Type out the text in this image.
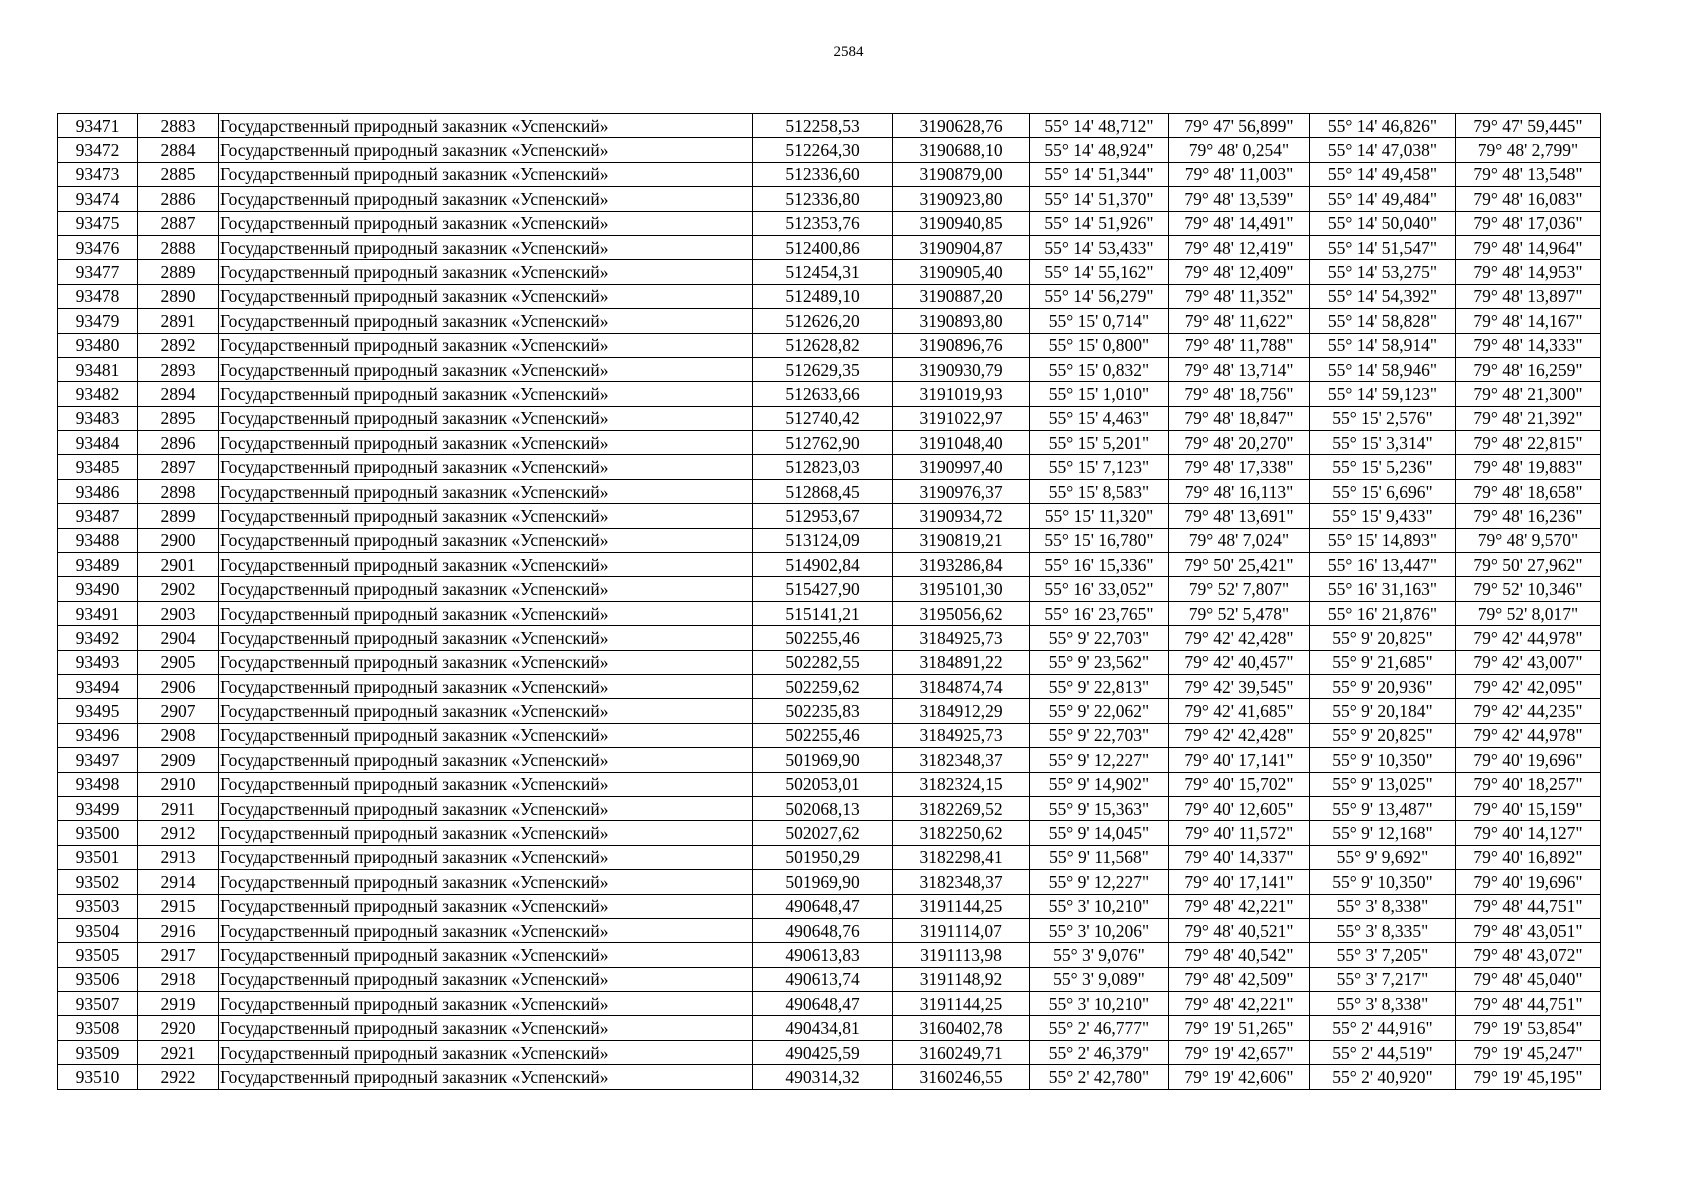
2584
93471	2883	Государственный природный заказник «Успенский»	512258,53	3190628,76	55° 14' 48,712"	79° 47' 56,899"	55° 14' 46,826"	79° 47' 59,445"
93472	2884	Государственный природный заказник «Успенский»	512264,30	3190688,10	55° 14' 48,924"	79° 48' 0,254"	55° 14' 47,038"	79° 48' 2,799"
93473	2885	Государственный природный заказник «Успенский»	512336,60	3190879,00	55° 14' 51,344"	79° 48' 11,003"	55° 14' 49,458"	79° 48' 13,548"
93474	2886	Государственный природный заказник «Успенский»	512336,80	3190923,80	55° 14' 51,370"	79° 48' 13,539"	55° 14' 49,484"	79° 48' 16,083"
93475	2887	Государственный природный заказник «Успенский»	512353,76	3190940,85	55° 14' 51,926"	79° 48' 14,491"	55° 14' 50,040"	79° 48' 17,036"
93476	2888	Государственный природный заказник «Успенский»	512400,86	3190904,87	55° 14' 53,433"	79° 48' 12,419"	55° 14' 51,547"	79° 48' 14,964"
93477	2889	Государственный природный заказник «Успенский»	512454,31	3190905,40	55° 14' 55,162"	79° 48' 12,409"	55° 14' 53,275"	79° 48' 14,953"
93478	2890	Государственный природный заказник «Успенский»	512489,10	3190887,20	55° 14' 56,279"	79° 48' 11,352"	55° 14' 54,392"	79° 48' 13,897"
93479	2891	Государственный природный заказник «Успенский»	512626,20	3190893,80	55° 15' 0,714"	79° 48' 11,622"	55° 14' 58,828"	79° 48' 14,167"
93480	2892	Государственный природный заказник «Успенский»	512628,82	3190896,76	55° 15' 0,800"	79° 48' 11,788"	55° 14' 58,914"	79° 48' 14,333"
93481	2893	Государственный природный заказник «Успенский»	512629,35	3190930,79	55° 15' 0,832"	79° 48' 13,714"	55° 14' 58,946"	79° 48' 16,259"
93482	2894	Государственный природный заказник «Успенский»	512633,66	3191019,93	55° 15' 1,010"	79° 48' 18,756"	55° 14' 59,123"	79° 48' 21,300"
93483	2895	Государственный природный заказник «Успенский»	512740,42	3191022,97	55° 15' 4,463"	79° 48' 18,847"	55° 15' 2,576"	79° 48' 21,392"
93484	2896	Государственный природный заказник «Успенский»	512762,90	3191048,40	55° 15' 5,201"	79° 48' 20,270"	55° 15' 3,314"	79° 48' 22,815"
93485	2897	Государственный природный заказник «Успенский»	512823,03	3190997,40	55° 15' 7,123"	79° 48' 17,338"	55° 15' 5,236"	79° 48' 19,883"
93486	2898	Государственный природный заказник «Успенский»	512868,45	3190976,37	55° 15' 8,583"	79° 48' 16,113"	55° 15' 6,696"	79° 48' 18,658"
93487	2899	Государственный природный заказник «Успенский»	512953,67	3190934,72	55° 15' 11,320"	79° 48' 13,691"	55° 15' 9,433"	79° 48' 16,236"
93488	2900	Государственный природный заказник «Успенский»	513124,09	3190819,21	55° 15' 16,780"	79° 48' 7,024"	55° 15' 14,893"	79° 48' 9,570"
93489	2901	Государственный природный заказник «Успенский»	514902,84	3193286,84	55° 16' 15,336"	79° 50' 25,421"	55° 16' 13,447"	79° 50' 27,962"
93490	2902	Государственный природный заказник «Успенский»	515427,90	3195101,30	55° 16' 33,052"	79° 52' 7,807"	55° 16' 31,163"	79° 52' 10,346"
93491	2903	Государственный природный заказник «Успенский»	515141,21	3195056,62	55° 16' 23,765"	79° 52' 5,478"	55° 16' 21,876"	79° 52' 8,017"
93492	2904	Государственный природный заказник «Успенский»	502255,46	3184925,73	55° 9' 22,703"	79° 42' 42,428"	55° 9' 20,825"	79° 42' 44,978"
93493	2905	Государственный природный заказник «Успенский»	502282,55	3184891,22	55° 9' 23,562"	79° 42' 40,457"	55° 9' 21,685"	79° 42' 43,007"
93494	2906	Государственный природный заказник «Успенский»	502259,62	3184874,74	55° 9' 22,813"	79° 42' 39,545"	55° 9' 20,936"	79° 42' 42,095"
93495	2907	Государственный природный заказник «Успенский»	502235,83	3184912,29	55° 9' 22,062"	79° 42' 41,685"	55° 9' 20,184"	79° 42' 44,235"
93496	2908	Государственный природный заказник «Успенский»	502255,46	3184925,73	55° 9' 22,703"	79° 42' 42,428"	55° 9' 20,825"	79° 42' 44,978"
93497	2909	Государственный природный заказник «Успенский»	501969,90	3182348,37	55° 9' 12,227"	79° 40' 17,141"	55° 9' 10,350"	79° 40' 19,696"
93498	2910	Государственный природный заказник «Успенский»	502053,01	3182324,15	55° 9' 14,902"	79° 40' 15,702"	55° 9' 13,025"	79° 40' 18,257"
93499	2911	Государственный природный заказник «Успенский»	502068,13	3182269,52	55° 9' 15,363"	79° 40' 12,605"	55° 9' 13,487"	79° 40' 15,159"
93500	2912	Государственный природный заказник «Успенский»	502027,62	3182250,62	55° 9' 14,045"	79° 40' 11,572"	55° 9' 12,168"	79° 40' 14,127"
93501	2913	Государственный природный заказник «Успенский»	501950,29	3182298,41	55° 9' 11,568"	79° 40' 14,337"	55° 9' 9,692"	79° 40' 16,892"
93502	2914	Государственный природный заказник «Успенский»	501969,90	3182348,37	55° 9' 12,227"	79° 40' 17,141"	55° 9' 10,350"	79° 40' 19,696"
93503	2915	Государственный природный заказник «Успенский»	490648,47	3191144,25	55° 3' 10,210"	79° 48' 42,221"	55° 3' 8,338"	79° 48' 44,751"
93504	2916	Государственный природный заказник «Успенский»	490648,76	3191114,07	55° 3' 10,206"	79° 48' 40,521"	55° 3' 8,335"	79° 48' 43,051"
93505	2917	Государственный природный заказник «Успенский»	490613,83	3191113,98	55° 3' 9,076"	79° 48' 40,542"	55° 3' 7,205"	79° 48' 43,072"
93506	2918	Государственный природный заказник «Успенский»	490613,74	3191148,92	55° 3' 9,089"	79° 48' 42,509"	55° 3' 7,217"	79° 48' 45,040"
93507	2919	Государственный природный заказник «Успенский»	490648,47	3191144,25	55° 3' 10,210"	79° 48' 42,221"	55° 3' 8,338"	79° 48' 44,751"
93508	2920	Государственный природный заказник «Успенский»	490434,81	3160402,78	55° 2' 46,777"	79° 19' 51,265"	55° 2' 44,916"	79° 19' 53,854"
93509	2921	Государственный природный заказник «Успенский»	490425,59	3160249,71	55° 2' 46,379"	79° 19' 42,657"	55° 2' 44,519"	79° 19' 45,247"
93510	2922	Государственный природный заказник «Успенский»	490314,32	3160246,55	55° 2' 42,780"	79° 19' 42,606"	55° 2' 40,920"	79° 19' 45,195"
